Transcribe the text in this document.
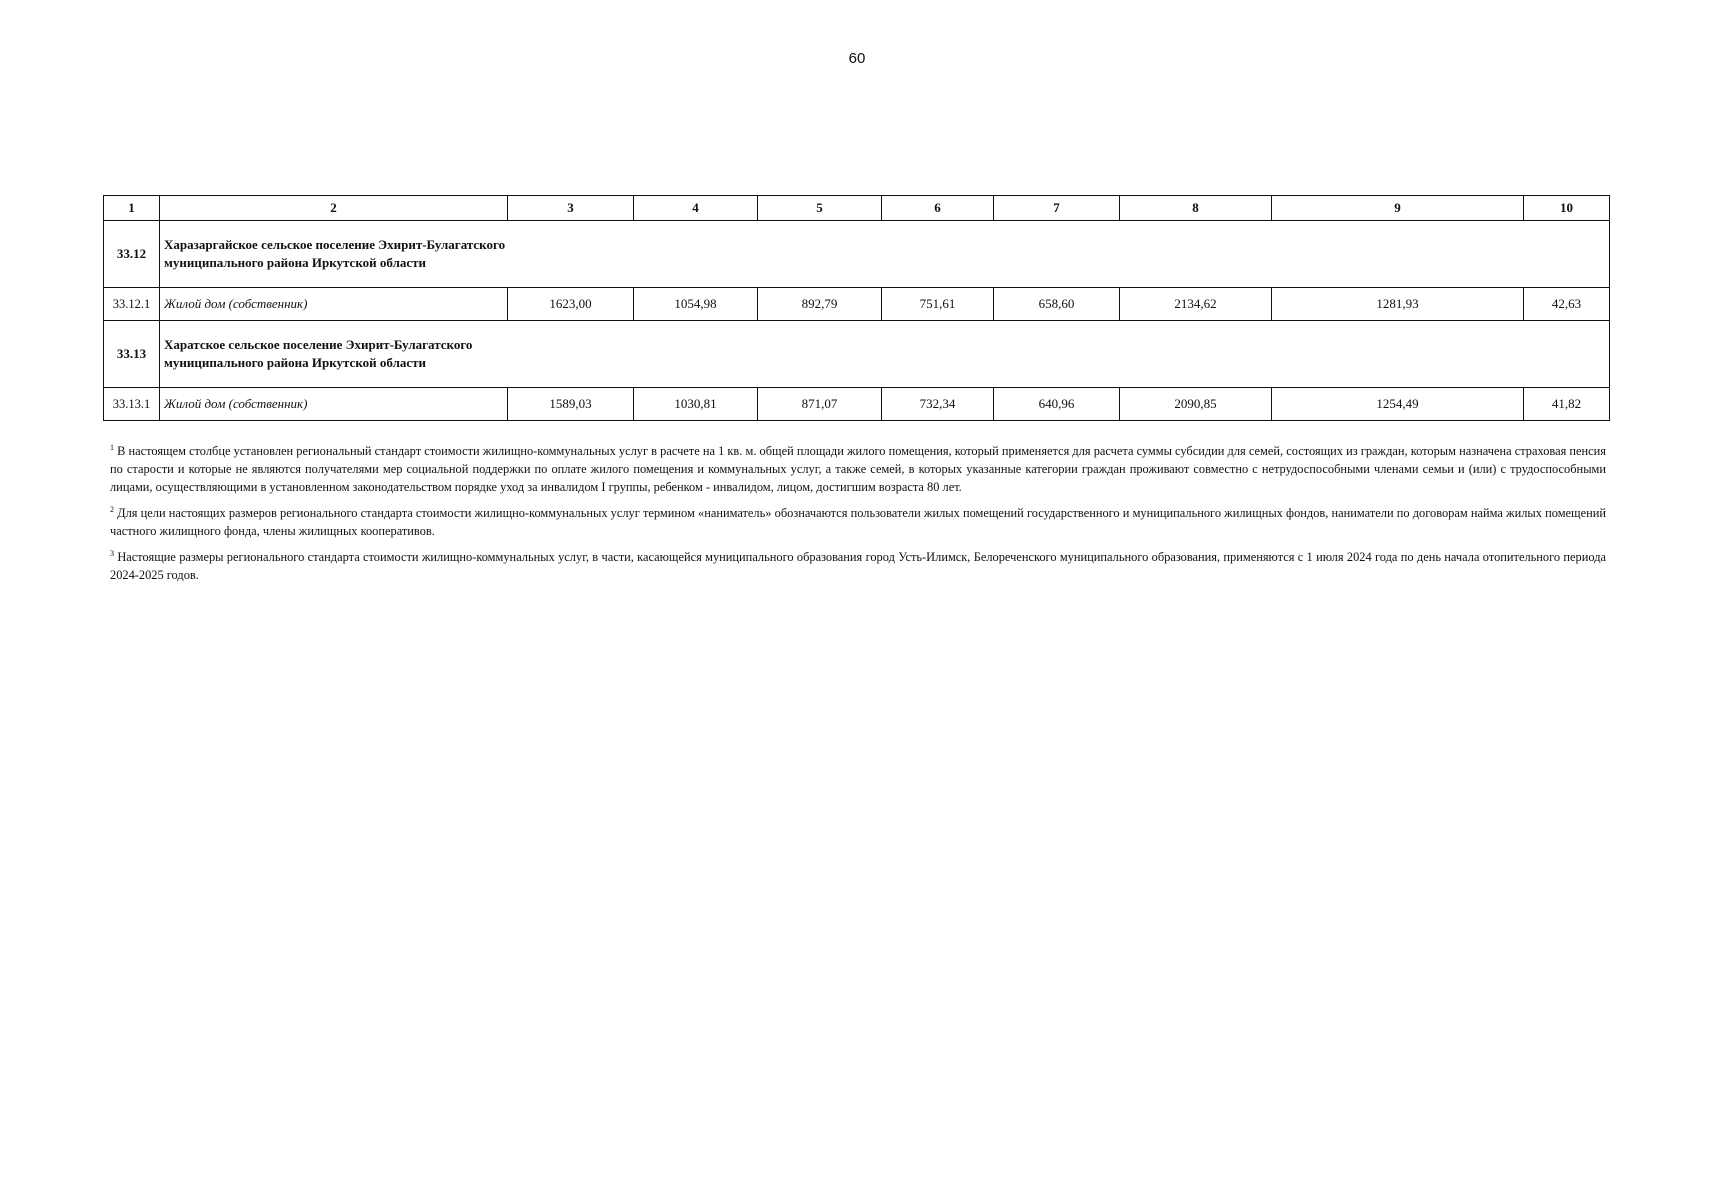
60
1	2	3	4	5	6	7	8	9	10
33.12	Харазаргайское сельское поселение Эхирит-Булагатского муниципального района Иркутской области								

33.12.1	Жилой дом (собственник)	1623,00	1054,98	892,79	751,61	658,60	2134,62	1281,93	42,63
33.13	Харатское сельское поселение Эхирит-Булагатского муниципального района Иркутской области								

33.13.1	Жилой дом (собственник)	1589,03	1030,81	871,07	732,34	640,96	2090,85	1254,49	41,82

$^1$ В настоящем столбце установлен региональный стандарт стоимости жилищно-коммунальных услуг в расчете на 1 кв. м. общей площади жилого помещения, который применяется для расчета суммы субсидии для семей, состоящих из граждан, которым назначена страховая пенсия по старости и которые не являются получателями мер социальной поддержки по оплате жилого помещения и коммунальных услуг, а также семей, в которых указанные категории граждан проживают совместно с нетрудоспособными членами семьи и (или) с трудоспособными лицами, осуществляющими в установленном законодательством порядке уход за инвалидом I группы, ребенком - инвалидом, лицом, достигшим возраста 80 лет.

$^2$ Для цели настоящих размеров регионального стандарта стоимости жилищно-коммунальных услуг термином «наниматель» обозначаются пользователи жилых помещений государственного и муниципального жилищных фондов, наниматели по договорам найма жилых помещений частного жилищного фонда, члены жилищных кооперативов.

$^3$ Настоящие размеры регионального стандарта стоимости жилищно-коммунальных услуг, в части, касающейся муниципального образования город Усть-Илимск, Белореченского муниципального образования, применяются с 1 июля 2024 года по день начала отопительного периода 2024-2025 годов.
